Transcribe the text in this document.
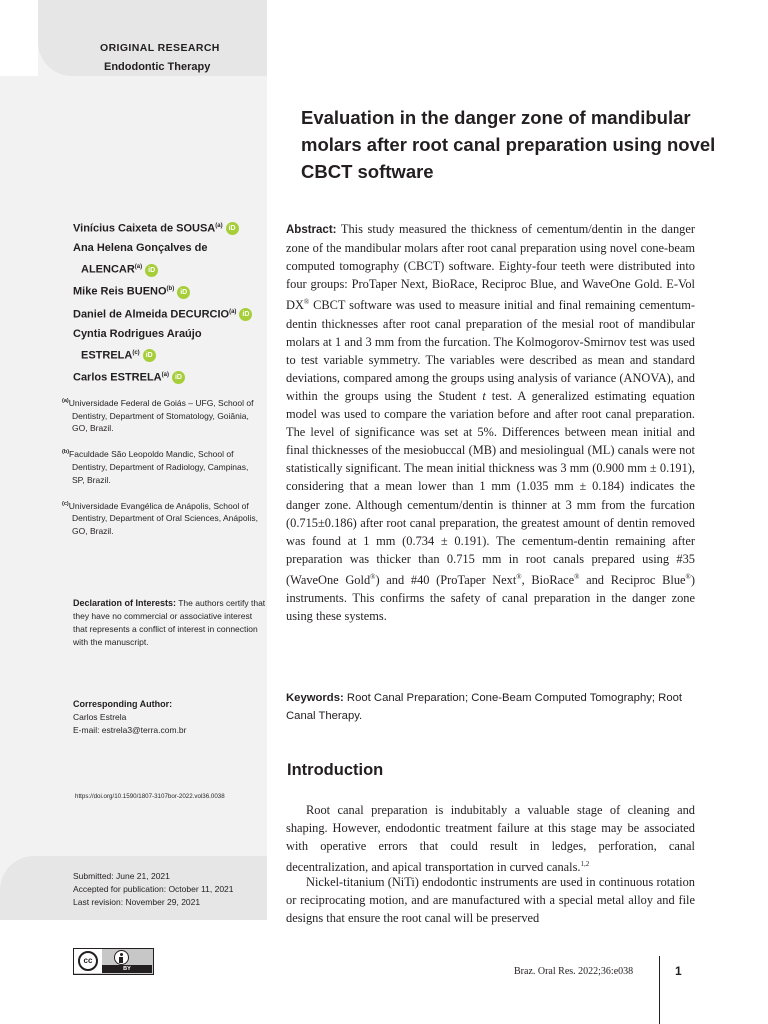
ORIGINAL RESEARCH
Endodontic Therapy
Evaluation in the danger zone of mandibular molars after root canal preparation using novel CBCT software
Vinícius Caixeta de SOUSA$^{(a)}$ iD
Ana Helena Gonçalves de
ALENCAR$^{(a)}$ iD
Mike Reis BUENO$^{(b)}$ iD
Daniel de Almeida DECURCIO$^{(a)}$ iD
Cyntia Rodrigues Araújo
ESTRELA$^{(c)}$ iD
Carlos ESTRELA$^{(a)}$ iD
$^{(a)}$Universidade Federal de Goiás – UFG, School of Dentistry, Department of Stomatology, Goiânia, GO, Brazil.
$^{(b)}$Faculdade São Leopoldo Mandic, School of Dentistry, Department of Radiology, Campinas, SP, Brazil.
$^{(c)}$Universidade Evangélica de Anápolis, School of Dentistry, Department of Oral Sciences, Anápolis, GO, Brazil.
Declaration of Interests: The authors certify that they have no commercial or associative interest that represents a conflict of interest in connection with the manuscript.
Corresponding Author:
Carlos Estrela
E-mail: estrela3@terra.com.br
https://doi.org/10.1590/1807-3107bor-2022.vol36.0038
Submitted: June 21, 2021
Accepted for publication: October 11, 2021
Last revision: November 29, 2021

Abstract: This study measured the thickness of cementum/dentin in the danger zone of the mandibular molars after root canal preparation using novel cone-beam computed tomography (CBCT) software. Eighty-four teeth were distributed into four groups: ProTaper Next, BioRace, Reciproc Blue, and WaveOne Gold. E-Vol DX® CBCT software was used to measure initial and final remaining cementum-dentin thicknesses after root canal preparation of the mesial root of mandibular molars at 1 and 3 mm from the furcation. The Kolmogorov-Smirnov test was used to test variable symmetry. The variables were described as mean and standard deviations, compared among the groups using analysis of variance (ANOVA), and within the groups using the Student t test. A generalized estimating equation model was used to compare the variation before and after root canal preparation. The level of significance was set at 5%. Differences between mean initial and final thicknesses of the mesiobuccal (MB) and mesiolingual (ML) canals were not statistically significant. The mean initial thickness was 3 mm (0.900 mm ± 0.191), considering that a mean lower than 1 mm (1.035 mm ± 0.184) indicates the danger zone. Although cementum/dentin is thinner at 3 mm from the furcation (0.715±0.186) after root canal preparation, the greatest amount of dentin removed was found at 1 mm (0.734 ± 0.191). The cementum-dentin remaining after preparation was thicker than 0.715 mm in root canals prepared using #35 (WaveOne Gold®) and #40 (ProTaper Next®, BioRace® and Reciproc Blue®) instruments. This confirms the safety of canal preparation in the danger zone using these systems.

Keywords: Root Canal Preparation; Cone-Beam Computed Tomography; Root Canal Therapy.

Introduction

Root canal preparation is indubitably a valuable stage of cleaning and shaping. However, endodontic treatment failure at this stage may be associated with operative errors that could result in ledges, perforation, canal decentralization, and apical transportation in curved canals.$^{1,2}$

Nickel-titanium (NiTi) endodontic instruments are used in continuous rotation or reciprocating motion, and are manufactured with a special metal alloy and file designs that ensure the root canal will be preserved

cc
BY	Braz. Oral Res. 2022;36:e038	1
